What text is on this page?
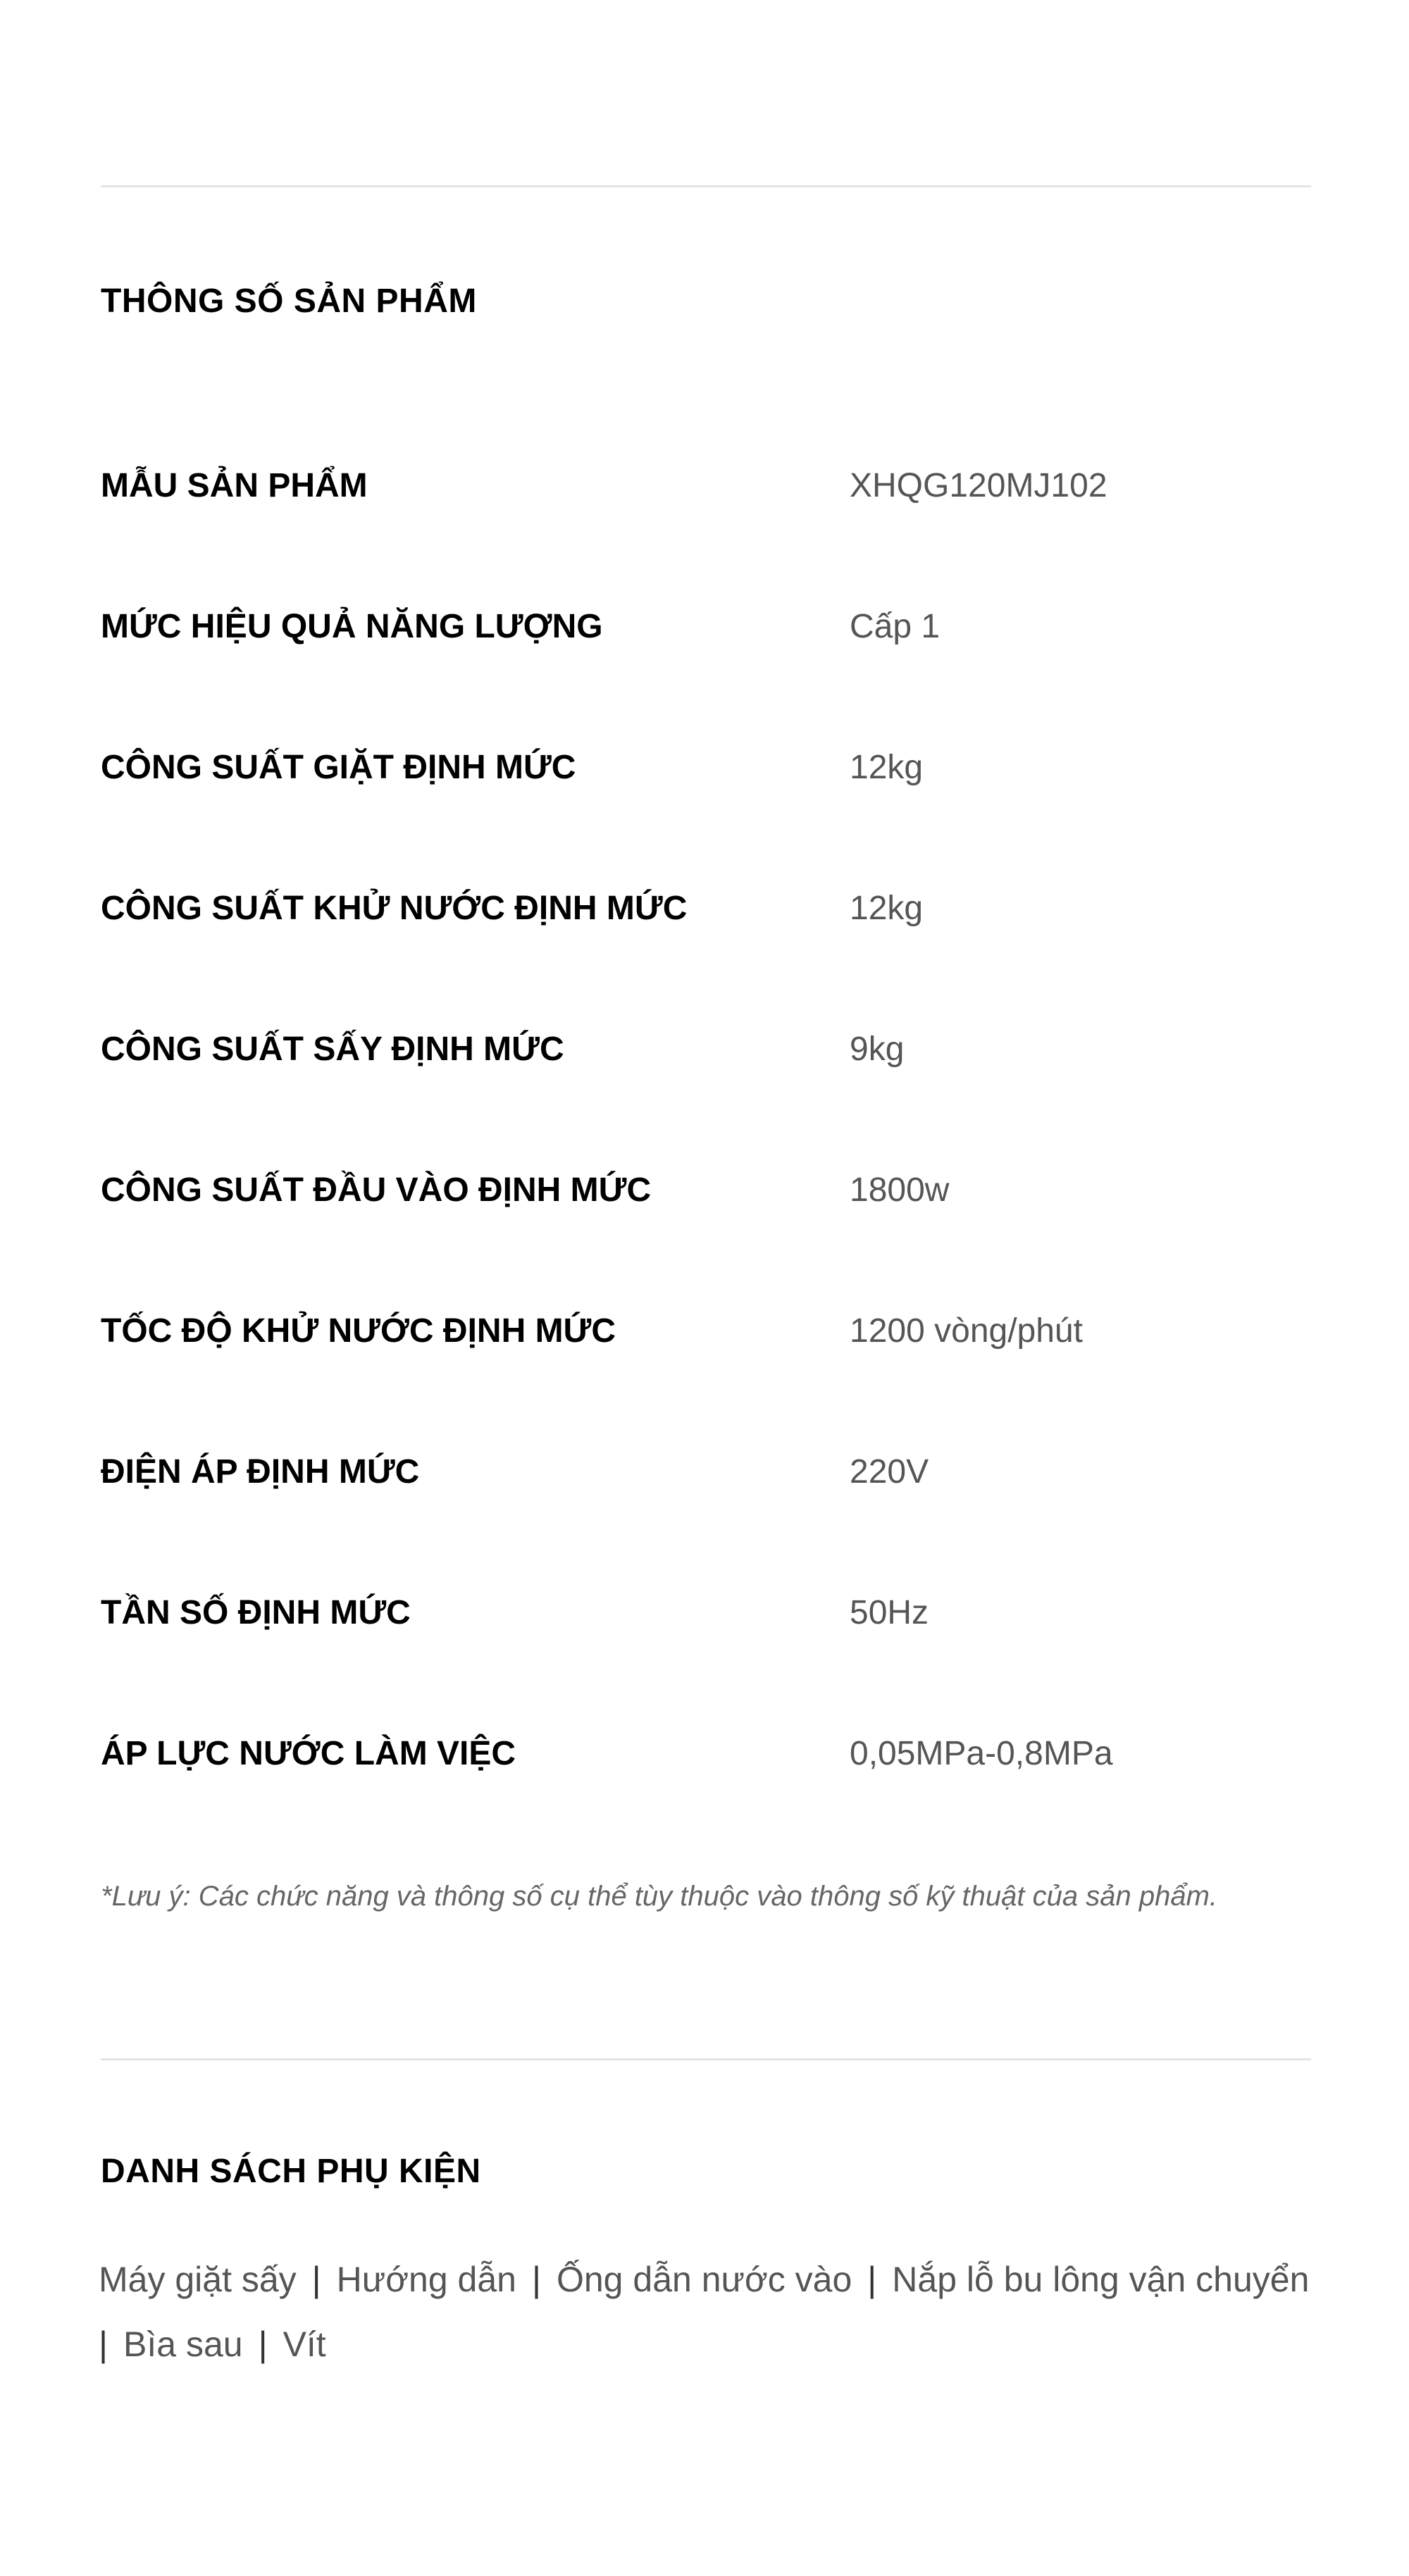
THÔNG SỐ SẢN PHẨM
MẪU SẢN PHẨM	XHQG120MJ102
MỨC HIỆU QUẢ NĂNG LƯỢNG	Cấp 1
CÔNG SUẤT GIẶT ĐỊNH MỨC	12kg
CÔNG SUẤT KHỬ NƯỚC ĐỊNH MỨC	12kg
CÔNG SUẤT SẤY ĐỊNH MỨC	9kg
CÔNG SUẤT ĐẦU VÀO ĐỊNH MỨC	1800w
TỐC ĐỘ KHỬ NƯỚC ĐỊNH MỨC	1200 vòng/phút
ĐIỆN ÁP ĐỊNH MỨC	220V
TẦN SỐ ĐỊNH MỨC	50Hz
ÁP LỰC NƯỚC LÀM VIỆC	0,05MPa-0,8MPa
*Lưu ý: Các chức năng và thông số cụ thể tùy thuộc vào thông số kỹ thuật của sản phẩm.
DANH SÁCH PHỤ KIỆN
Máy giặt sấy | Hướng dẫn | Ống dẫn nước vào | Nắp lỗ bu lông vận chuyển
| Bìa sau | Vít
